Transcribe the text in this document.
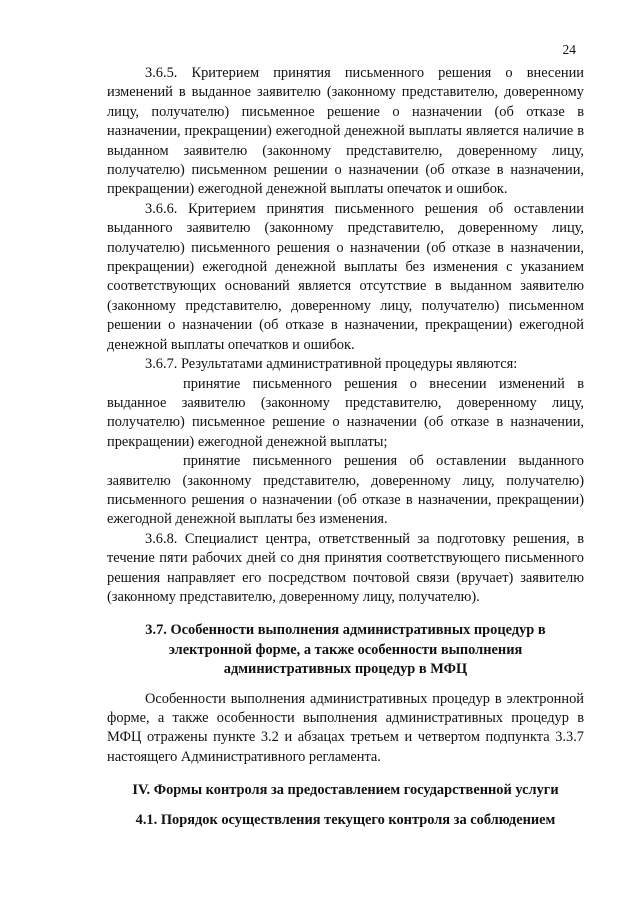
24

3.6.5. Критерием принятия письменного решения о внесении изменений в выданное заявителю (законному представителю, доверенному лицу, получателю) письменное решение о назначении (об отказе в назначении, прекращении) ежегодной денежной выплаты является наличие в выданном заявителю (законному представителю, доверенному лицу, получателю) письменном решении о назначении (об отказе в назначении, прекращении) ежегодной денежной выплаты опечаток и ошибок.

3.6.6. Критерием принятия письменного решения об оставлении выданного заявителю (законному представителю, доверенному лицу, получателю) письменного решения о назначении (об отказе в назначении, прекращении) ежегодной денежной выплаты без изменения с указанием соответствующих оснований является отсутствие в выданном заявителю (законному представителю, доверенному лицу, получателю) письменном решении о назначении (об отказе в назначении, прекращении) ежегодной денежной выплаты опечатков и ошибок.

3.6.7. Результатами административной процедуры являются:

принятие письменного решения о внесении изменений в выданное заявителю (законному представителю, доверенному лицу, получателю) письменное решение о назначении (об отказе в назначении, прекращении) ежегодной денежной выплаты;

принятие письменного решения об оставлении выданного заявителю (законному представителю, доверенному лицу, получателю) письменного решения о назначении (об отказе в назначении, прекращении) ежегодной денежной выплаты без изменения.

3.6.8. Специалист центра, ответственный за подготовку решения, в течение пяти рабочих дней со дня принятия соответствующего письменного решения направляет его посредством почтовой связи (вручает) заявителю (законному представителю, доверенному лицу, получателю).

3.7. Особенности выполнения административных процедур в электронной форме, а также особенности выполнения административных процедур в МФЦ

Особенности выполнения административных процедур в электронной форме, а также особенности выполнения административных процедур в МФЦ отражены пункте 3.2 и абзацах третьем и четвертом подпункта 3.3.7 настоящего Административного регламента.

IV. Формы контроля за предоставлением государственной услуги

4.1. Порядок осуществления текущего контроля за соблюдением
